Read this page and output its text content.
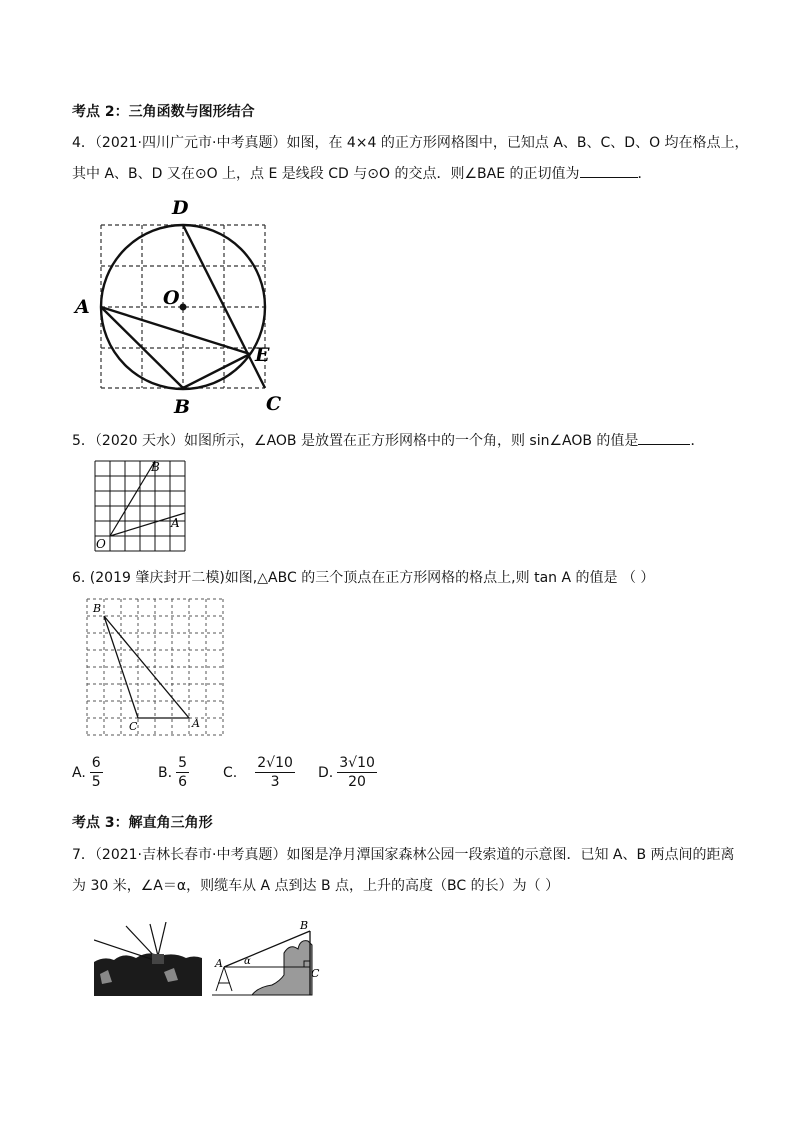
考点 2：三角函数与图形结合
4．（2021·四川广元市·中考真题）如图，在 4×4 的正方形网格图中，已知点 A、B、C、D、O 均在格点上，
其中 A、B、D 又在⊙O 上，点 E 是线段 CD 与⊙O 的交点．则∠BAE 的正切值为	．
D
O
A
E
B	C
5．（2020 天水）如图所示，∠AOB 是放置在正方形网格中的一个角，则 sin∠AOB 的值是	．
B
A
O
6. (2019 肇庆封开二模)如图,△ABC 的三个顶点在正方形网格的格点上,则 tan A 的值是 （ ）
B
C	A
A. $\frac{6}{5}$	B. $\frac{5}{6} C$. $\frac{2√10}{3} D$. $\frac{3√10}{20}$
考点 3：解直角三角形
7．（2021·吉林长春市·中考真题）如图是净月潭国家森林公园一段索道的示意图．已知 A、B 两点间的距离
为 30 米，∠A＝α，则缆车从 A 点到达 B 点，上升的高度（BC 的长）为（ ）
B
A α
C
